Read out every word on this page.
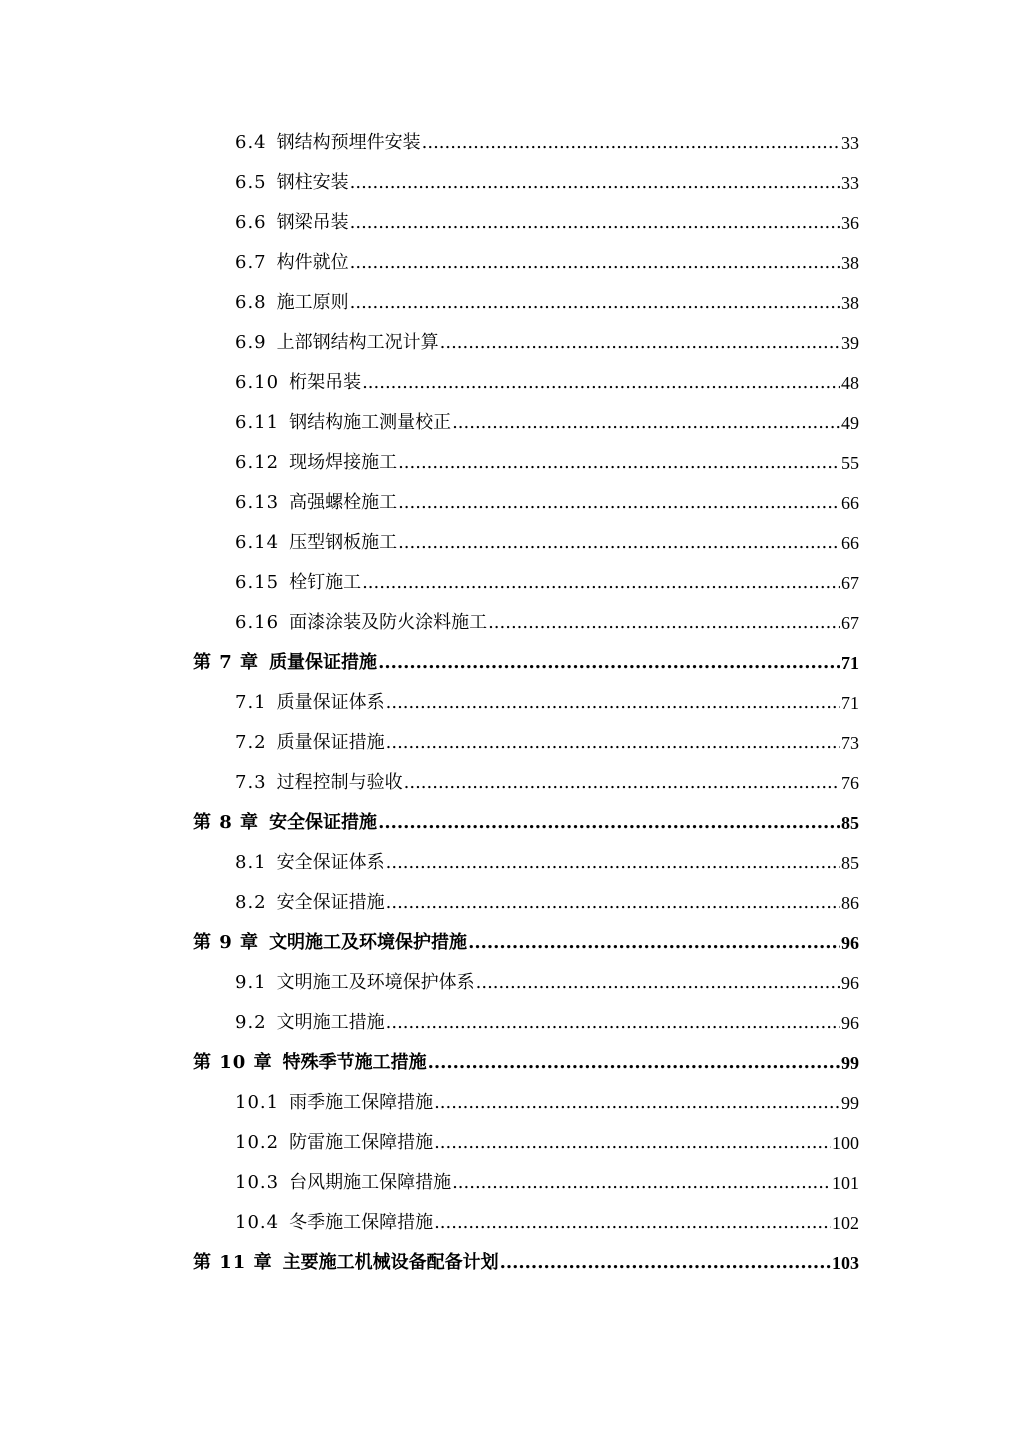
6.4 钢结构预埋件安装 .....	33
6.5 钢柱安装 .....	33
6.6 钢梁吊装 .....	36
6.7 构件就位 .....	38
6.8 施工原则 .....	38
6.9 上部钢结构工况计算 .....	39
6.10 桁架吊装 .....	48
6.11 钢结构施工测量校正 .....	49
6.12 现场焊接施工 .....	55
6.13 高强螺栓施工 .....	66
6.14 压型钢板施工 .....	66
6.15 栓钉施工 .....	67
6.16 面漆涂装及防火涂料施工 .....	67
第 7 章 质量保证措施 .....	71
7.1 质量保证体系 .....	71
7.2 质量保证措施 .....	73
7.3 过程控制与验收 .....	76
第 8 章 安全保证措施 .....	85
8.1 安全保证体系 .....	85
8.2 安全保证措施 .....	86
第 9 章 文明施工及环境保护措施 .....	96
9.1 文明施工及环境保护体系 .....	96
9.2 文明施工措施 .....	96
第 10 章 特殊季节施工措施 .....	99
10.1 雨季施工保障措施 .....	99
10.2 防雷施工保障措施 .....	100
10.3 台风期施工保障措施 .....	101
10.4 冬季施工保障措施 .....	102
第 11 章 主要施工机械设备配备计划 .....	103
